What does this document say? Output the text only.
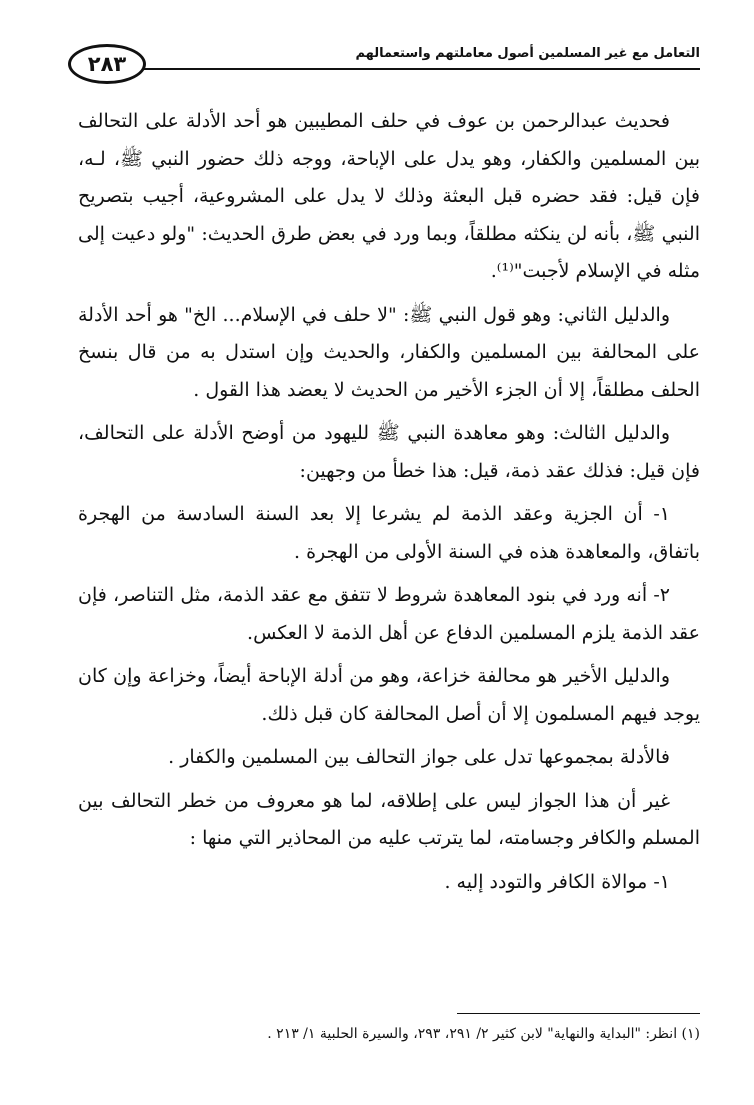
التعامل مع غير المسلمين أصول معاملتهم واستعمالهم
٢٨٣

فحديث عبدالرحمن بن عوف في حلف المطيبين هو أحد الأدلة على التحالف بين المسلمين والكفار، وهو يدل على الإباحة، ووجه ذلك حضور النبي ﷺ، لـه، فإن قيل: فقد حضره قبل البعثة وذلك لا يدل على المشروعية، أجيب بتصريح النبي ﷺ، بأنه لن ينكثه مطلقاً، وبما ورد في بعض طرق الحديث: "ولو دعيت إلى مثله في الإسلام لأجبت"⁽¹⁾.

والدليل الثاني: وهو قول النبي ﷺ: "لا حلف في الإسلام... الخ" هو أحد الأدلة على المحالفة بين المسلمين والكفار، والحديث وإن استدل به من قال بنسخ الحلف مطلقاً، إلا أن الجزء الأخير من الحديث لا يعضد هذا القول .

والدليل الثالث: وهو معاهدة النبي ﷺ لليهود من أوضح الأدلة على التحالف، فإن قيل: فذلك عقد ذمة، قيل: هذا خطأ من وجهين:

١- أن الجزية وعقد الذمة لم يشرعا إلا بعد السنة السادسة من الهجرة باتفاق، والمعاهدة هذه في السنة الأولى من الهجرة .

٢- أنه ورد في بنود المعاهدة شروط لا تتفق مع عقد الذمة، مثل التناصر، فإن عقد الذمة يلزم المسلمين الدفاع عن أهل الذمة لا العكس.

والدليل الأخير هو محالفة خزاعة، وهو من أدلة الإباحة أيضاً، وخزاعة وإن كان يوجد فيهم المسلمون إلا أن أصل المحالفة كان قبل ذلك.

فالأدلة بمجموعها تدل على جواز التحالف بين المسلمين والكفار .

غير أن هذا الجواز ليس على إطلاقه، لما هو معروف من خطر التحالف بين المسلم والكافر وجسامته، لما يترتب عليه من المحاذير التي منها :

١- موالاة الكافر والتودد إليه .

(١) انظر: "البداية والنهاية" لابن كثير ٢/ ٢٩١، ٢٩٣، والسيرة الحلبية ١/ ٢١٣ .
